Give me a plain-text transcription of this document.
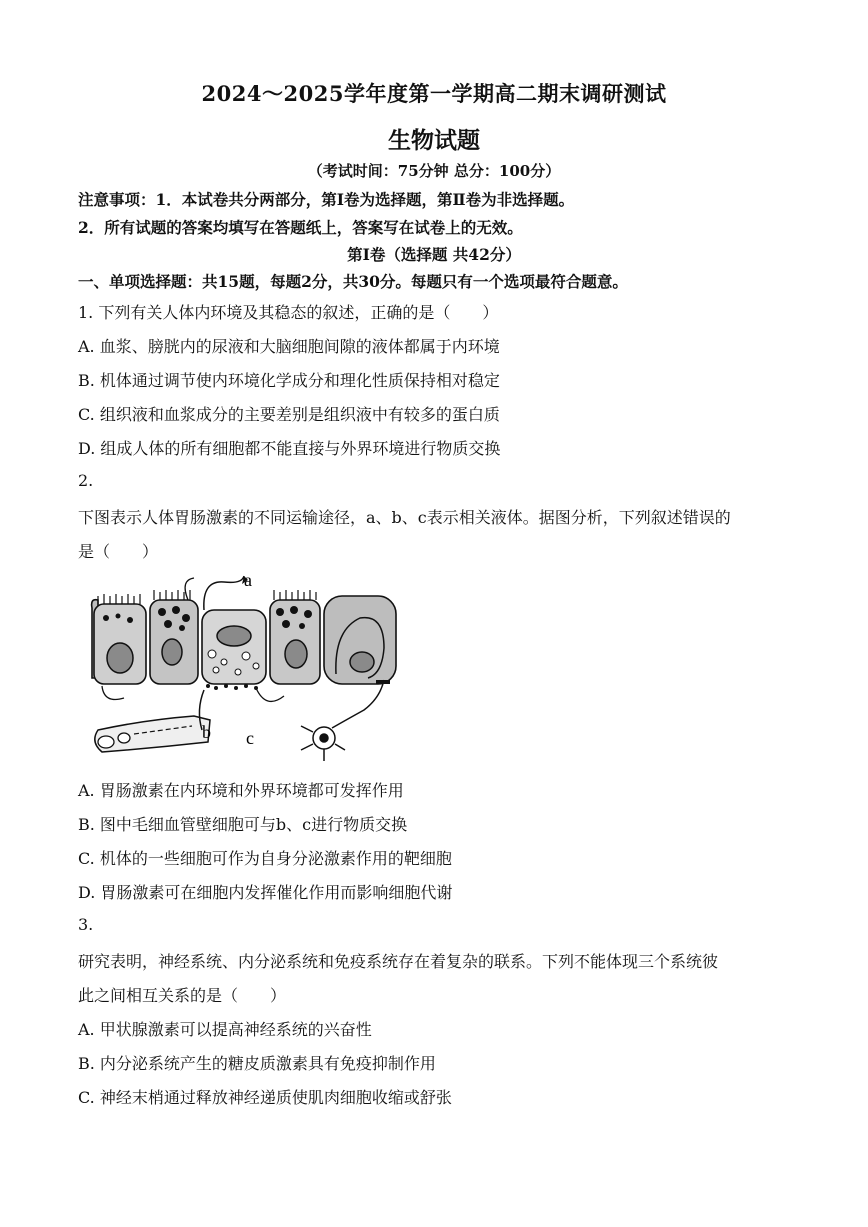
2024～2025学年度第一学期高二期末调研测试
生物试题
（考试时间：75分钟 总分：100分）
注意事项：1．本试卷共分两部分，第Ⅰ卷为选择题，第Ⅱ卷为非选择题。
2．所有试题的答案均填写在答题纸上，答案写在试卷上的无效。
第Ⅰ卷（选择题 共42分）
一、单项选择题：共15题，每题2分，共30分。每题只有一个选项最符合题意。
1. 下列有关人体内环境及其稳态的叙述，正确的是（　　）
A. 血浆、膀胱内的尿液和大脑细胞间隙的液体都属于内环境
B. 机体通过调节使内环境化学成分和理化性质保持相对稳定
C. 组织液和血浆成分的主要差别是组织液中有较多的蛋白质
D. 组成人体的所有细胞都不能直接与外界环境进行物质交换
2.
下图表示人体胃肠激素的不同运输途径，a、b、c表示相关液体。据图分析，下列叙述错误的
是（　　）
a
b c
A. 胃肠激素在内环境和外界环境都可发挥作用
B. 图中毛细血管壁细胞可与b、c进行物质交换
C. 机体的一些细胞可作为自身分泌激素作用的靶细胞
D. 胃肠激素可在细胞内发挥催化作用而影响细胞代谢
3.
研究表明，神经系统、内分泌系统和免疫系统存在着复杂的联系。下列不能体现三个系统彼
此之间相互关系的是（　　）
A. 甲状腺激素可以提高神经系统的兴奋性
B. 内分泌系统产生的糖皮质激素具有免疫抑制作用
C. 神经末梢通过释放神经递质使肌肉细胞收缩或舒张
